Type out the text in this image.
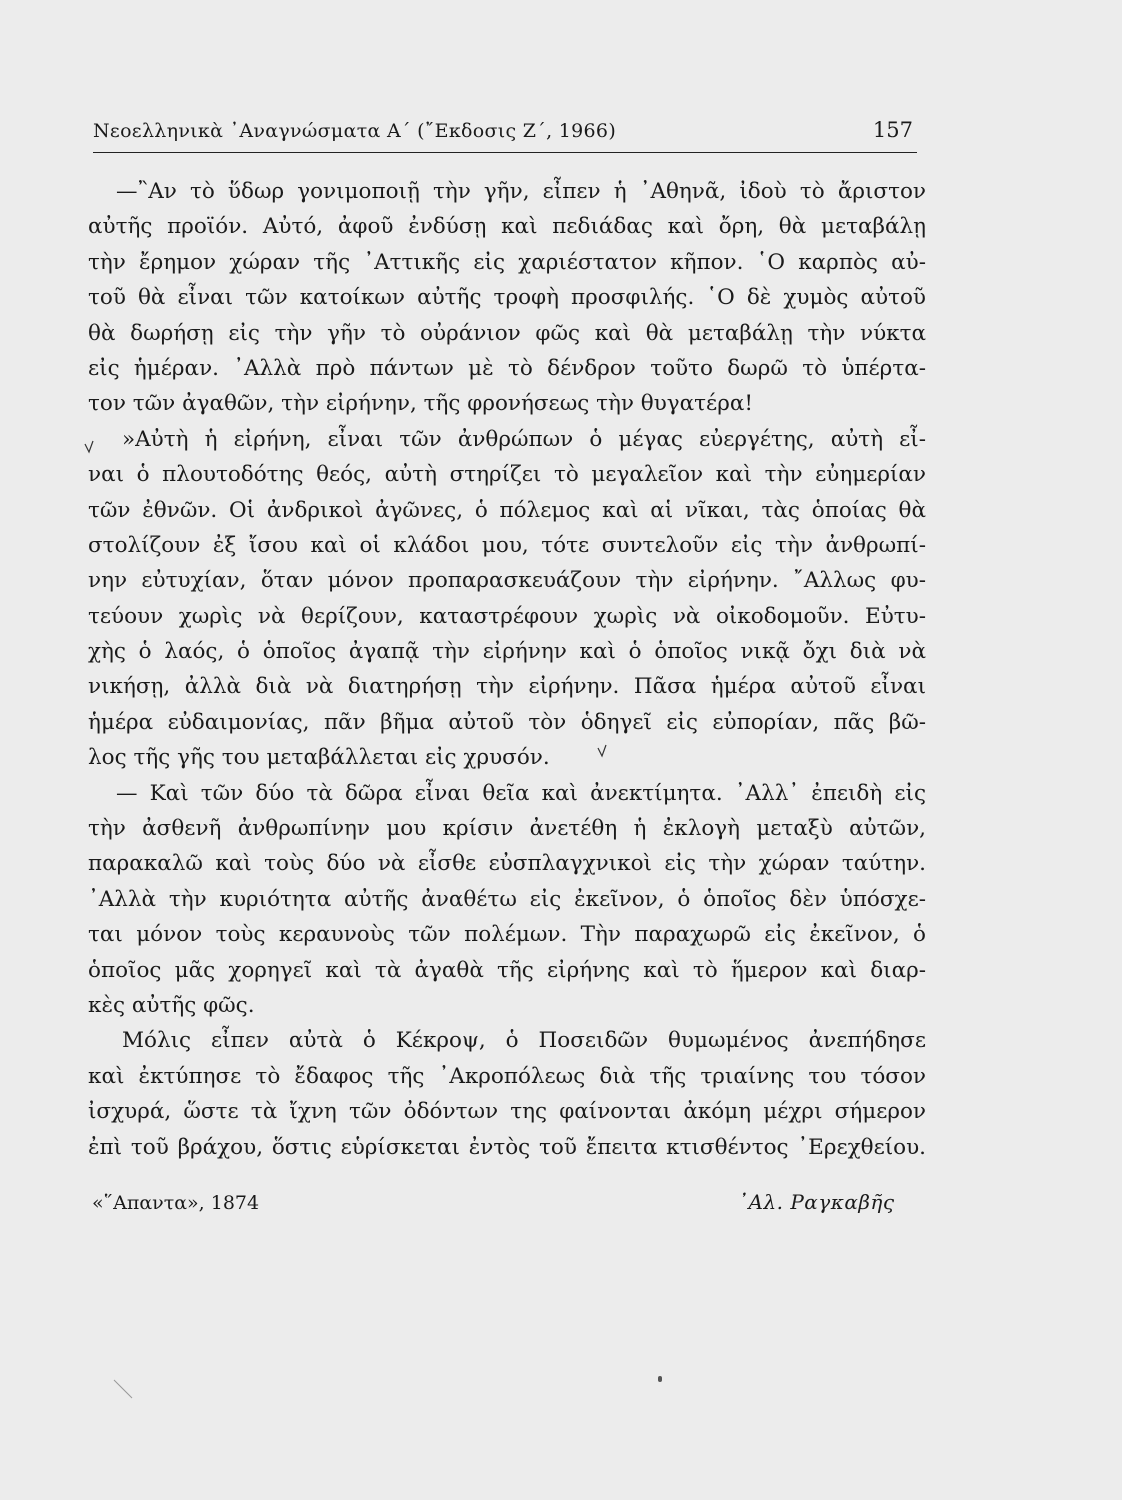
Νεοελληνικὰ ᾽Αναγνώσματα Α´ (῎Εκδοσις Ζ´, 1966)	157
—῍Αν τὸ ὕδωρ γονιμοποιῇ τὴν γῆν, εἶπεν ἡ ᾽Αθηνᾶ, ἰδοὺ τὸ ἄριστον
αὐτῆς προϊόν. Αὐτό, ἀφοῦ ἐνδύσῃ καὶ πεδιάδας καὶ ὄρη, θὰ μεταβάλῃ
τὴν ἔρημον χώραν τῆς ᾽Αττικῆς εἰς χαριέστατον κῆπον. ῾Ο καρπὸς αὐ-
τοῦ θὰ εἶναι τῶν κατοίκων αὐτῆς τροφὴ προσφιλής. ῾Ο δὲ χυμὸς αὐτοῦ
θὰ δωρήσῃ εἰς τὴν γῆν τὸ οὐράνιον φῶς καὶ θὰ μεταβάλῃ τὴν νύκτα
εἰς ἡμέραν. ᾽Αλλὰ πρὸ πάντων μὲ τὸ δένδρον τοῦτο δωρῶ τὸ ὑπέρτα-
τον τῶν ἀγαθῶν, τὴν εἰρήνην, τῆς φρονήσεως τὴν θυγατέρα!
»Αὐτὴ ἡ εἰρήνη, εἶναι τῶν ἀνθρώπων ὁ μέγας εὐεργέτης, αὐτὴ εἶ-
ναι ὁ πλουτοδότης θεός, αὐτὴ στηρίζει τὸ μεγαλεῖον καὶ τὴν εὐημερίαν
τῶν ἐθνῶν. Οἱ ἀνδρικοὶ ἀγῶνες, ὁ πόλεμος καὶ αἱ νῖκαι, τὰς ὁποίας θὰ
στολίζουν ἐξ ἴσου καὶ οἱ κλάδοι μου, τότε συντελοῦν εἰς τὴν ἀνθρωπί-
νην εὐτυχίαν, ὅταν μόνον προπαρασκευάζουν τὴν εἰρήνην. ῎Αλλως φυ-
τεύουν χωρὶς νὰ θερίζουν, καταστρέφουν χωρὶς νὰ οἰκοδομοῦν. Εὐτυ-
χὴς ὁ λαός, ὁ ὁποῖος ἀγαπᾷ τὴν εἰρήνην καὶ ὁ ὁποῖος νικᾷ ὄχι διὰ νὰ
νικήσῃ, ἀλλὰ διὰ νὰ διατηρήσῃ τὴν εἰρήνην. Πᾶσα ἡμέρα αὐτοῦ εἶναι
ἡμέρα εὐδαιμονίας, πᾶν βῆμα αὐτοῦ τὸν ὁδηγεῖ εἰς εὐπορίαν, πᾶς βῶ-
λος τῆς γῆς του μεταβάλλεται εἰς χρυσόν.
— Καὶ τῶν δύο τὰ δῶρα εἶναι θεῖα καὶ ἀνεκτίμητα. ᾽Αλλ᾽ ἐπειδὴ εἰς
τὴν ἀσθενῆ ἀνθρωπίνην μου κρίσιν ἀνετέθη ἡ ἐκλογὴ μεταξὺ αὐτῶν,
παρακαλῶ καὶ τοὺς δύο νὰ εἶσθε εὐσπλαγχνικοὶ εἰς τὴν χώραν ταύτην.
᾽Αλλὰ τὴν κυριότητα αὐτῆς ἀναθέτω εἰς ἐκεῖνον, ὁ ὁποῖος δὲν ὑπόσχε-
ται μόνον τοὺς κεραυνοὺς τῶν πολέμων. Τὴν παραχωρῶ εἰς ἐκεῖνον, ὁ
ὁποῖος μᾶς χορηγεῖ καὶ τὰ ἀγαθὰ τῆς εἰρήνης καὶ τὸ ἥμερον καὶ διαρ-
κὲς αὐτῆς φῶς.
Μόλις εἶπεν αὐτὰ ὁ Κέκροψ, ὁ Ποσειδῶν θυμωμένος ἀνεπήδησε
καὶ ἐκτύπησε τὸ ἔδαφος τῆς ᾽Ακροπόλεως διὰ τῆς τριαίνης του τόσον
ἰσχυρά, ὥστε τὰ ἴχνη τῶν ὀδόντων της φαίνονται ἀκόμη μέχρι σήμερον
ἐπὶ τοῦ βράχου, ὅστις εὑρίσκεται ἐντὸς τοῦ ἔπειτα κτισθέντος ᾽Ερεχθείου.
«῞Απαντα», 1874	᾽Αλ. Ραγκαβῆς
